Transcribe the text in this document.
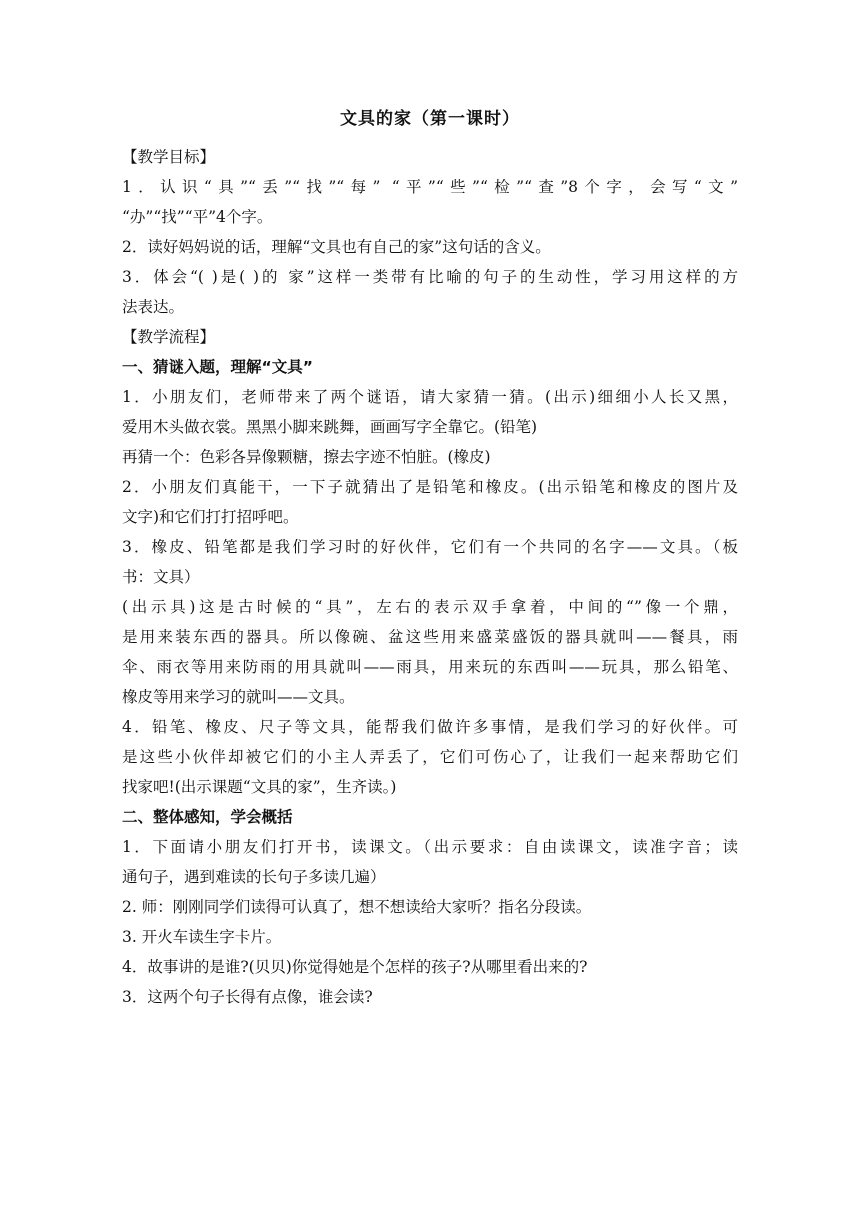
文具的家（第一课时）

【教学目标】

1．认识“具”“丢”“找”“每” “平”“些”“检”“查”8个字，会写“文”

“办”“找”“平”4个字。

2．读好妈妈说的话，理解“文具也有自己的家”这句话的含义。

3．体会“( )是( )的 家”这样一类带有比喻的句子的生动性，学习用这样的方

法表达。

【教学流程】

一、猜谜入题，理解“文具”

1．小朋友们，老师带来了两个谜语，请大家猜一猜。(出示)细细小人长又黑，

爱用木头做衣裳。黑黑小脚来跳舞，画画写字全靠它。(铅笔)

再猜一个：色彩各异像颗糖，擦去字迹不怕脏。(橡皮)

2．小朋友们真能干，一下子就猜出了是铅笔和橡皮。(出示铅笔和橡皮的图片及

文字)和它们打打招呼吧。

3．橡皮、铅笔都是我们学习时的好伙伴，它们有一个共同的名字——文具。（板

书：文具）

(出示具)这是古时候的“具”，左右的表示双手拿着，中间的“”像一个鼎，

是用来装东西的器具。所以像碗、盆这些用来盛菜盛饭的器具就叫——餐具，雨

伞、雨衣等用来防雨的用具就叫——雨具，用来玩的东西叫——玩具，那么铅笔、

橡皮等用来学习的就叫——文具。

4．铅笔、橡皮、尺子等文具，能帮我们做许多事情，是我们学习的好伙伴。可

是这些小伙伴却被它们的小主人弄丢了，它们可伤心了，让我们一起来帮助它们

找家吧!(出示课题“文具的家”，生齐读。)

二、整体感知，学会概括

1．下面请小朋友们打开书，读课文。（出示要求：自由读课文，读准字音；读

通句子，遇到难读的长句子多读几遍）

2. 师：刚刚同学们读得可认真了，想不想读给大家听？指名分段读。

3. 开火车读生字卡片。

4．故事讲的是谁?(贝贝)你觉得她是个怎样的孩子?从哪里看出来的?

3．这两个句子长得有点像，谁会读?
